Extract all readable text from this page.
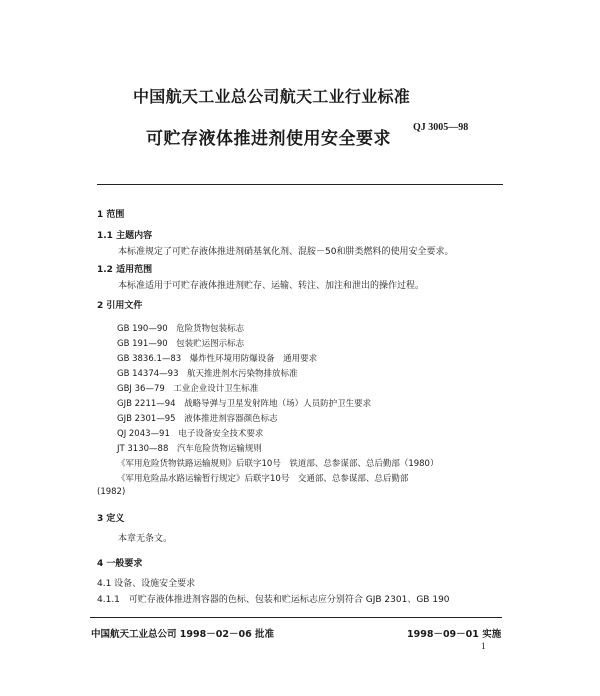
中国航天工业总公司航天工业行业标准
可贮存液体推进剂使用安全要求
QJ 3005—98
1 范围
1.1 主题内容
本标准规定了可贮存液体推进剂硝基氧化剂、混胺－50和肼类燃料的使用安全要求。
1.2 适用范围
本标准适用于可贮存液体推进剂贮存、运输、转注、加注和泄出的操作过程。
2 引用文件
GB 190—90　危险货物包装标志
GB 191—90　包装贮运图示标志
GB 3836.1—83　爆炸性环境用防爆设备　通用要求
GB 14374—93　航天推进剂水污染物排放标准
GBJ 36—79　工业企业设计卫生标准
GJB 2211—94　战略导弹与卫星发射阵地（场）人员防护卫生要求
GJB 2301—95　液体推进剂容器颜色标志
QJ 2043—91　电子设备安全技术要求
JT 3130—88　汽车危险货物运输规则
《军用危险货物铁路运输规则》后联字10号　铁道部、总参谋部、总后勤部（1980）
《军用危险品水路运输暂行规定》后联字10号　交通部、总参谋部、总后勤部
(1982)
3 定义
本章无条文。
4 一般要求
4.1 设备、设施安全要求
4.1.1　可贮存液体推进剂容器的色标、包装和贮运标志应分别符合 GJB 2301、GB 190
中国航天工业总公司 1998－02－06 批准	1998－09－01 实施
1
